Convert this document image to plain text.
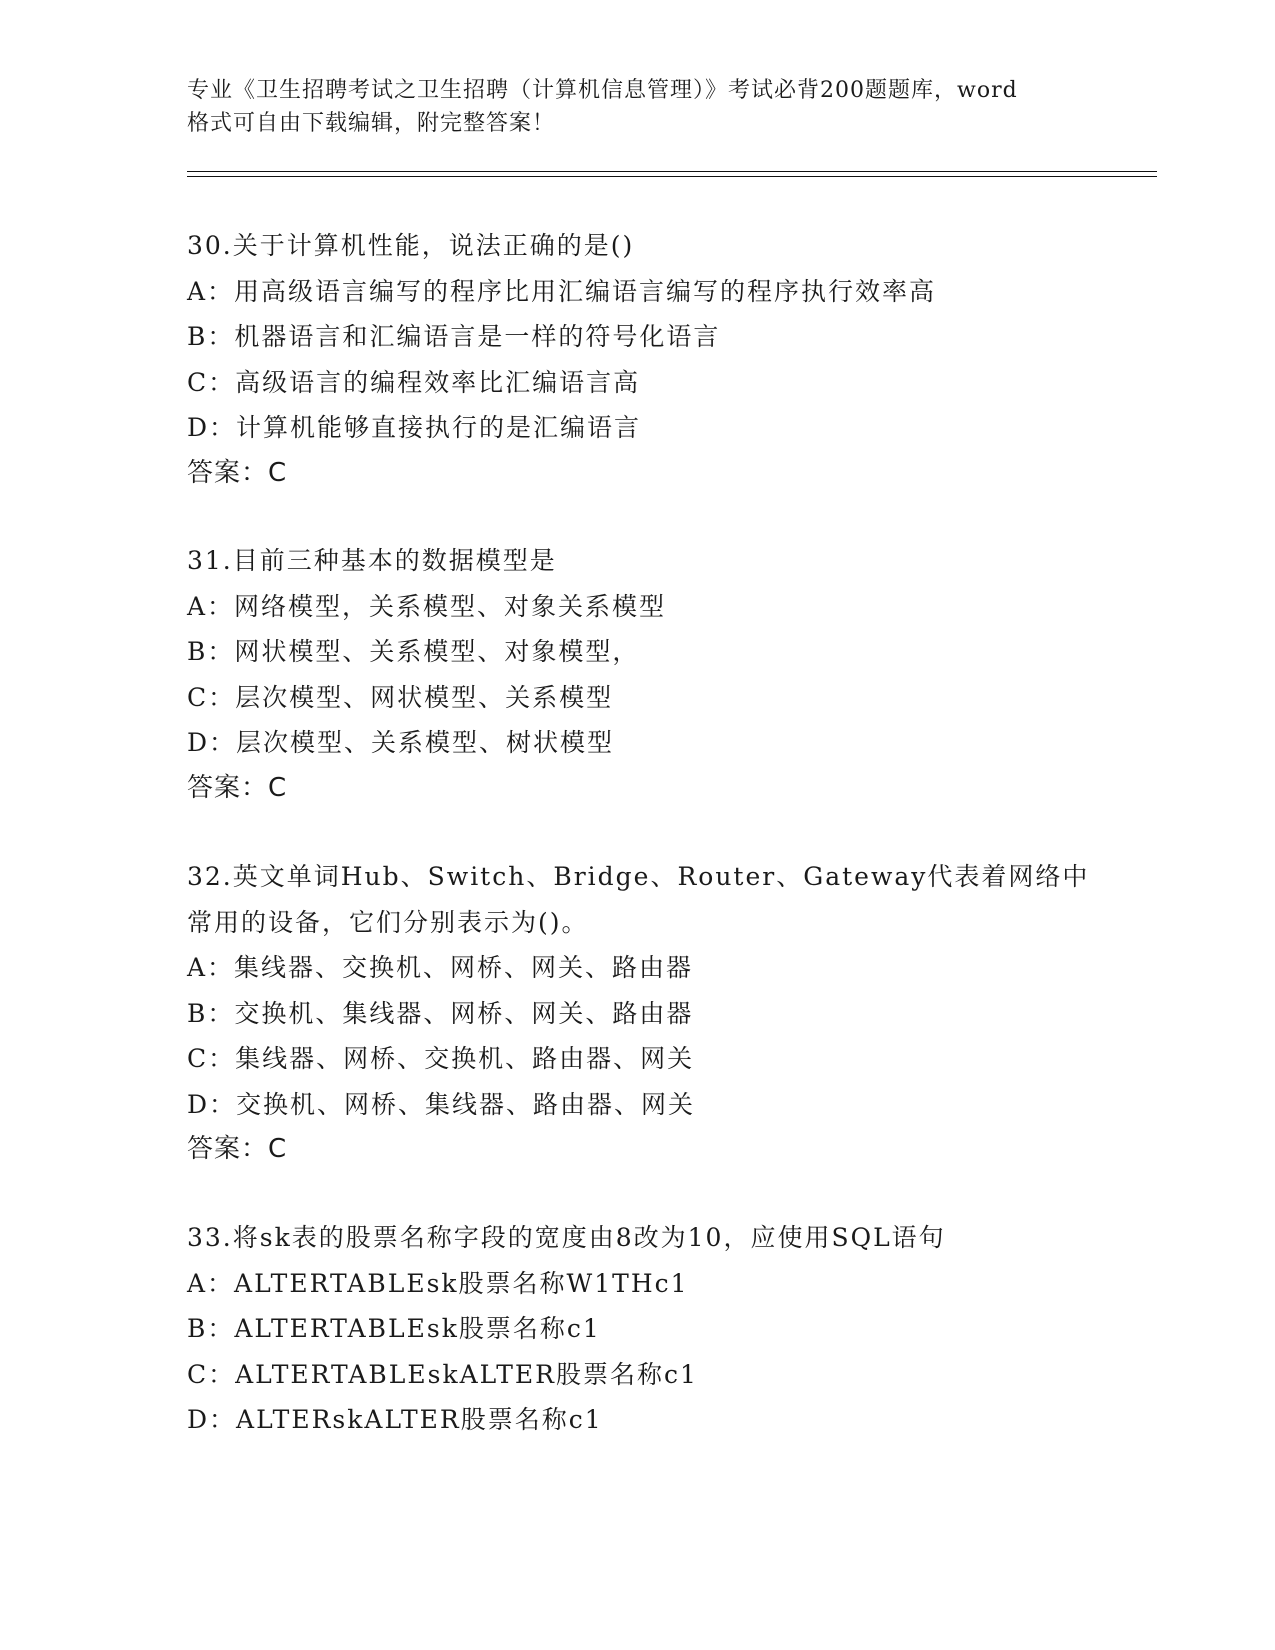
专业《卫生招聘考试之卫生招聘（计算机信息管理）》考试必背200题题库，word
格式可自由下载编辑，附完整答案！
30.关于计算机性能，说法正确的是()
A：用高级语言编写的程序比用汇编语言编写的程序执行效率高
B：机器语言和汇编语言是一样的符号化语言
C：高级语言的编程效率比汇编语言高
D：计算机能够直接执行的是汇编语言
答案：C
31.目前三种基本的数据模型是
A：网络模型，关系模型、对象关系模型
B：网状模型、关系模型、对象模型，
C：层次模型、网状模型、关系模型
D：层次模型、关系模型、树状模型
答案：C
32.英文单词Hub、Switch、Bridge、Router、Gateway代表着网络中
常用的设备，它们分别表示为()。
A：集线器、交换机、网桥、网关、路由器
B：交换机、集线器、网桥、网关、路由器
C：集线器、网桥、交换机、路由器、网关
D：交换机、网桥、集线器、路由器、网关
答案：C
33.将sk表的股票名称字段的宽度由8改为10，应使用SQL语句
A：ALTERTABLEsk股票名称W1THc1
B：ALTERTABLEsk股票名称c1
C：ALTERTABLEskALTER股票名称c1
D：ALTERskALTER股票名称c1
